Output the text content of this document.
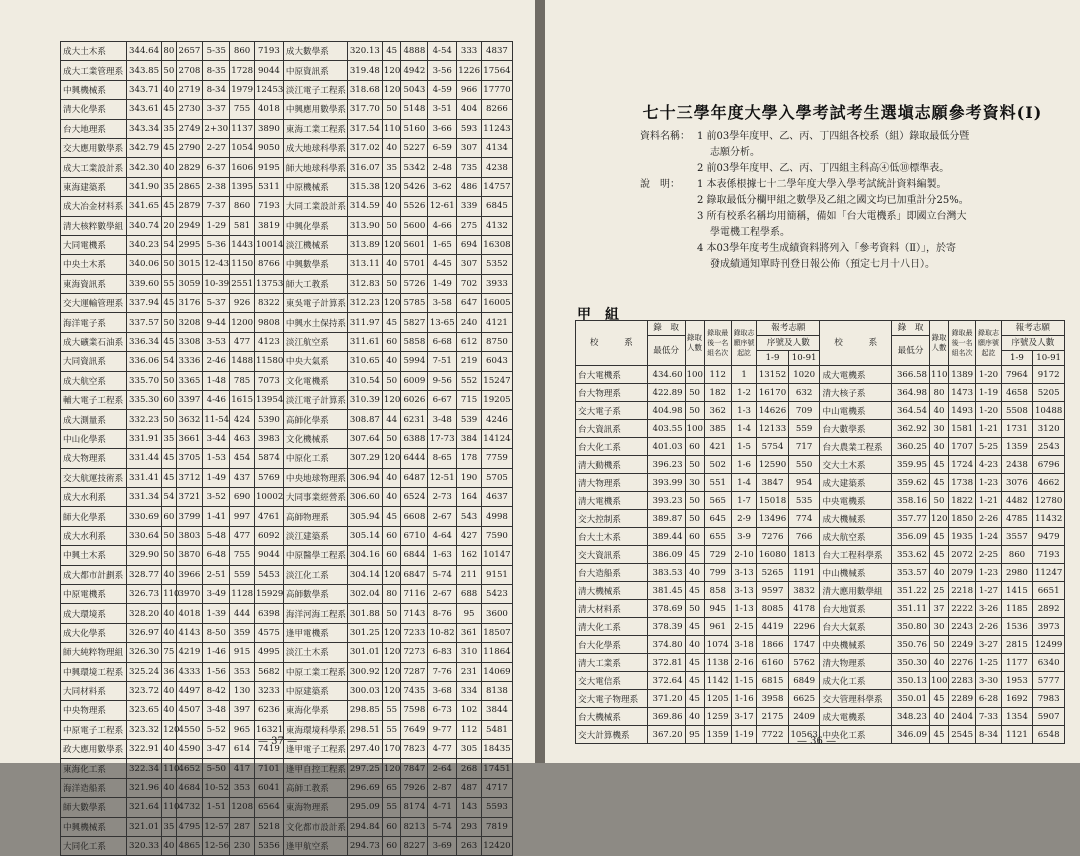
成大土木系	344.64	80	2657	5-35	860	7193	成大數學系	320.13	45	4888	4-54	333	4837
成大工業管理系	343.85	50	2708	8-35	1728	9044	中原資訊系	319.48	120	4942	3-56	1226	17564
中興機械系	343.71	40	2719	8-34	1979	12453	淡江電子工程系	318.68	120	5043	4-59	966	17770
清大化學系	343.61	45	2730	3-37	755	4018	中興應用數學系	317.70	50	5148	3-51	404	8266
台大地理系	343.34	35	2749	2+30	1137	3890	東海工業工程系	317.54	110	5160	3-66	593	11243
交大應用數學系	342.79	45	2790	2-27	1054	9050	成大地球科學系	317.02	40	5227	6-59	307	4134
成大工業設計系	342.30	40	2829	6-37	1606	9195	師大地球科學系	316.07	35	5342	2-48	735	4238
東海建築系	341.90	35	2865	2-38	1395	5311	中原機械系	315.38	120	5426	3-62	486	14757
成大冶金材料系	341.65	45	2879	7-37	860	7193	大同工業設計系	314.59	40	5526	12-61	339	6845
清大核粹數學組	340.74	20	2949	1-29	581	3819	中興化學系	313.90	50	5600	4-66	275	4132
大同電機系	340.23	54	2995	5-36	1443	10014	淡江機械系	313.89	120	5601	1-65	694	16308
中央土木系	340.06	50	3015	12-43	1150	8766	中興數學系	313.11	40	5701	4-45	307	5352
東海資訊系	339.60	55	3059	10-39	2551	13753	師大工教系	312.83	50	5726	1-49	702	3933
交大運輸管理系	337.94	45	3176	5-37	926	8322	東吳電子計算系	312.23	120	5785	3-58	647	16005
海洋電子系	337.57	50	3208	9-44	1200	9808	中興水土保持系	311.97	45	5827	13-65	240	4121
成大礦業石油系	336.34	45	3308	3-53	477	4123	淡江航空系	311.61	60	5858	6-68	612	8750
大同資訊系	336.06	54	3336	2-46	1488	11580	中央大氣系	310.65	40	5994	7-51	219	6043
成大航空系	335.70	50	3365	1-48	785	7073	文化電機系	310.54	50	6009	9-56	552	15247
輔大電子工程系	335.30	60	3397	4-46	1615	13954	淡江電子計算系	310.39	120	6026	6-67	715	19205
成大測量系	332.23	50	3632	11-54	424	5390	高師化學系	308.87	44	6231	3-48	539	4246
中山化學系	331.91	35	3661	3-44	463	3983	文化機械系	307.64	50	6388	17-73	384	14124
成大物理系	331.44	45	3705	1-53	454	5874	中原化工系	307.29	120	6444	8-65	178	7759
交大航運技術系	331.41	45	3712	1-49	437	5769	中央地球物理系	306.94	40	6487	12-51	190	5705
成大水利系	331.34	54	3721	3-52	690	10002	大同事業經營系	306.60	40	6524	2-73	164	4637
師大化學系	330.69	60	3799	1-41	997	4761	高師物理系	305.94	45	6608	2-67	543	4998
成大水利系	330.64	50	3803	5-48	477	6092	淡江建築系	305.14	60	6710	4-64	427	7590
中興土木系	329.90	50	3870	6-48	755	9044	中原醫學工程系	304.16	60	6844	1-63	162	10147
成大都市計劃系	328.77	40	3966	2-51	559	5453	淡江化工系	304.14	120	6847	5-74	211	9151
中原電機系	326.73	110	3970	3-49	1128	15929	高師數學系	302.04	80	7116	2-67	688	5423
成大環境系	328.20	40	4018	1-39	444	6398	海洋河海工程系	301.88	50	7143	8-76	95	3600
成大化學系	326.97	40	4143	8-50	359	4575	逢甲電機系	301.25	120	7233	10-82	361	18507
師大純粹物理組	326.30	75	4219	1-46	915	4995	淡江土木系	301.01	120	7273	6-83	310	11864
中興環境工程系	325.24	36	4333	1-56	353	5682	中原工業工程系	300.92	120	7287	7-76	231	14069
大同材料系	323.72	40	4497	8-42	130	3233	中原建築系	300.03	120	7435	3-68	334	8138
中央物理系	323.65	40	4507	3-48	397	6236	東海化學系	298.85	55	7598	6-73	102	3844
中原電子工程系	323.32	120	4550	5-52	965	16321	東海環境科學系	298.51	55	7649	9-77	112	5481
政大應用數學系	322.91	40	4590	3-47	614	7419	逢甲電子工程系	297.40	170	7823	4-77	305	18435
東海化工系	322.34	110	4652	5-50	417	7101	逢甲自控工程系	297.25	120	7847	2-64	268	17451
海洋造船系	321.96	40	4684	10-52	353	6041	高師工教系	296.69	65	7926	2-87	487	4717
師大數學系	321.64	110	4732	1-51	1208	6564	東海物理系	295.09	55	8174	4-71	143	5593
中興機械系	321.01	35	4795	12-57	287	5218	文化都市設計系	294.84	60	8213	5-74	293	7819
大同化工系	320.33	40	4865	12-56	230	5356	逢甲航空系	294.73	60	8227	3-69	263	12420
— 37 —
七十三學年度大學入學考試考生選塡志願參考資料(Ⅰ)
資料名稱： 1 前03學年度甲、乙、丙、丁四組各校系（組）錄取最低分暨
志願分析。
2 前03學年度甲、乙、丙、丁四組主科高④低⑩標準表。
說　明： 1 本表係根據七十二學年度大學入學考試統計資料編製。
2 錄取最低分欄甲組之數學及乙組之國文均已加重計分25%。
3 所有校系名稱均用簡稱，備如「台大電機系」即國立台灣大
學電機工程學系。
4 本03學年度考生成績資料將列入「參考資料（Ⅱ）」，於寄
發成績通知單時刊登日報公佈（預定七月十八日）。
甲　組
校　　　系	錄　取	錄取人數	錄取最後一名組名次	錄取志願序號起訖	報考志願		校　　　系	錄　取	錄取人數	錄取最後一名組名次	錄取志願序號起訖	報考志願	
	最低分				序號及人數			最低分				序號及人數	
					1-9	10-91						1-9	10-91
台大電機系	434.60	100	112	1	13152	1020	成大電機系	366.58	110	1389	1-20	7964	9172
台大物理系	422.89	50	182	1-2	16170	632	清大核子系	364.98	80	1473	1-19	4658	5205
交大電子系	404.98	50	362	1-3	14626	709	中山電機系	364.54	40	1493	1-20	5508	10488
台大資訊系	403.55	100	385	1-4	12133	559	台大數學系	362.92	30	1581	1-21	1731	3120
台大化工系	401.03	60	421	1-5	5754	717	台大農業工程系	360.25	40	1707	5-25	1359	2543
清大動機系	396.23	50	502	1-6	12590	550	交大土木系	359.95	45	1724	4-23	2438	6796
清大物理系	393.99	30	551	1-4	3847	954	成大建築系	359.62	45	1738	1-23	3076	4662
清大電機系	393.23	50	565	1-7	15018	535	中央電機系	358.16	50	1822	1-21	4482	12780
交大控制系	389.87	50	645	2-9	13496	774	成大機械系	357.77	120	1850	2-26	4785	11432
台大土木系	389.44	60	655	3-9	7276	766	成大航空系	356.09	45	1935	1-24	3557	9479
交大資訊系	386.09	45	729	2-10	16080	1813	台大工程科學系	353.62	45	2072	2-25	860	7193
台大造船系	383.53	40	799	3-13	5265	1191	中山機械系	353.57	40	2079	1-23	2980	11247
清大機械系	381.45	45	858	3-13	9597	3832	清大應用數學組	351.22	25	2218	1-27	1415	6651
清大材料系	378.69	50	945	1-13	8085	4178	台大地質系	351.11	37	2222	3-26	1185	2892
清大化工系	378.39	45	961	2-15	4419	2296	台大大氣系	350.80	30	2243	2-26	1536	3973
台大化學系	374.80	40	1074	3-18	1866	1747	中央機械系	350.76	50	2249	3-27	2815	12499
清大工業系	372.81	45	1138	2-16	6160	5762	清大物理系	350.30	40	2276	1-25	1177	6340
交大電信系	372.64	45	1142	1-15	6815	6849	成大化工系	350.13	100	2283	3-30	1953	5777
交大電子物理系	371.20	45	1205	1-16	3958	6625	交大管理科學系	350.01	45	2289	6-28	1692	7983
台大機械系	369.86	40	1259	3-17	2175	2409	成大電機系	348.23	40	2404	7-33	1354	5907
交大計算機系	367.20	95	1359	1-19	7722	10563	中央化工系	346.09	45	2545	8-34	1121	6548
— 36 —
